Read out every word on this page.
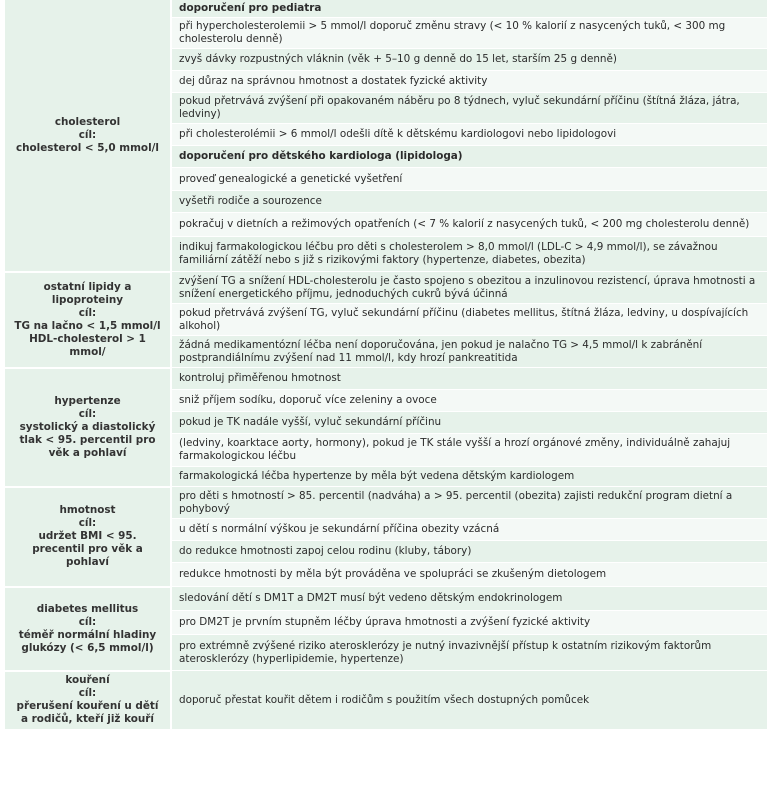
cholesterol
cíl:
cholesterol < 5,0 mmol/l	doporučení pro pediatra
	při hypercholesterolemii > 5 mmol/l doporuč změnu stravy (< 10 % kalorií z nasycených tuků, < 300 mg cholesterolu denně)
	zvyš dávky rozpustných vláknin (věk + 5–10 g denně do 15 let, starším 25 g denně)
	dej důraz na správnou hmotnost a dostatek fyzické aktivity
	pokud přetrvává zvýšení při opakovaném náběru po 8 týdnech, vyluč sekundární příčinu (štítná žláza, játra, ledviny)
	při cholesterolémii > 6 mmol/l odešli dítě k dětskému kardiologovi nebo lipidologovi
	doporučení pro dětského kardiologa (lipidologa)
	proveď genealogické a genetické vyšetření
	vyšetři rodiče a sourozence
	pokračuj v dietních a režimových opatřeních (< 7 % kalorií z nasycených tuků, < 200 mg cholesterolu denně)
	indikuj farmakologickou léčbu pro děti s cholesterolem > 8,0 mmol/l (LDL-C > 4,9 mmol/l), se závažnou familiární zátěží nebo s již s rizikovými faktory (hypertenze, diabetes, obezita)

ostatní lipidy a lipoproteiny
cíl:
TG na lačno < 1,5 mmol/l
HDL-cholesterol > 1 mmol/	zvýšení TG a snížení HDL-cholesterolu je často spojeno s obezitou a inzulinovou rezistencí, úprava hmotnosti a snížení energetického příjmu, jednoduchých cukrů bývá účinná
	pokud přetrvává zvýšení TG, vyluč sekundární příčinu (diabetes mellitus, štítná žláza, ledviny, u dospívajících alkohol)
	žádná medikamentózní léčba není doporučována, jen pokud je nalačno TG > 4,5 mmol/l k zabránění postprandiálnímu zvýšení nad 11 mmol/l, kdy hrozí pankreatitida

hypertenze
cíl:
systolický a diastolický tlak < 95. percentil pro věk a pohlaví	kontroluj přiměřenou hmotnost
	sniž příjem sodíku, doporuč více zeleniny a ovoce
	pokud je TK nadále vyšší, vyluč sekundární příčinu
	(ledviny, koarktace aorty, hormony), pokud je TK stále vyšší a hrozí orgánové změny, individuálně zahajuj farmakologickou léčbu
	farmakologická léčba hypertenze by měla být vedena dětským kardiologem

hmotnost
cíl:
udržet BMI < 95. precentil pro věk a pohlaví	pro děti s hmotností > 85. percentil (nadváha) a > 95. percentil (obezita) zajisti redukční program dietní a pohybový
	u dětí s normální výškou je sekundární příčina obezity vzácná
	do redukce hmotnosti zapoj celou rodinu (kluby, tábory)
	redukce hmotnosti by měla být prováděna ve spolupráci se zkušeným dietologem

diabetes mellitus
cíl:
téměř normální hladiny glukózy (< 6,5 mmol/l)	sledování dětí s DM1T a DM2T musí být vedeno dětským endokrinologem
	pro DM2T je prvním stupněm léčby úprava hmotnosti a zvýšení fyzické aktivity
	pro extrémně zvýšené riziko aterosklerózy je nutný invazivnější přístup k ostatním rizikovým faktorům aterosklerózy (hyperlipidemie, hypertenze)

kouření
cíl:
přerušení kouření u dětí a rodičů, kteří již kouří	doporuč přestat kouřit dětem i rodičům s použitím všech dostupných pomůcek
